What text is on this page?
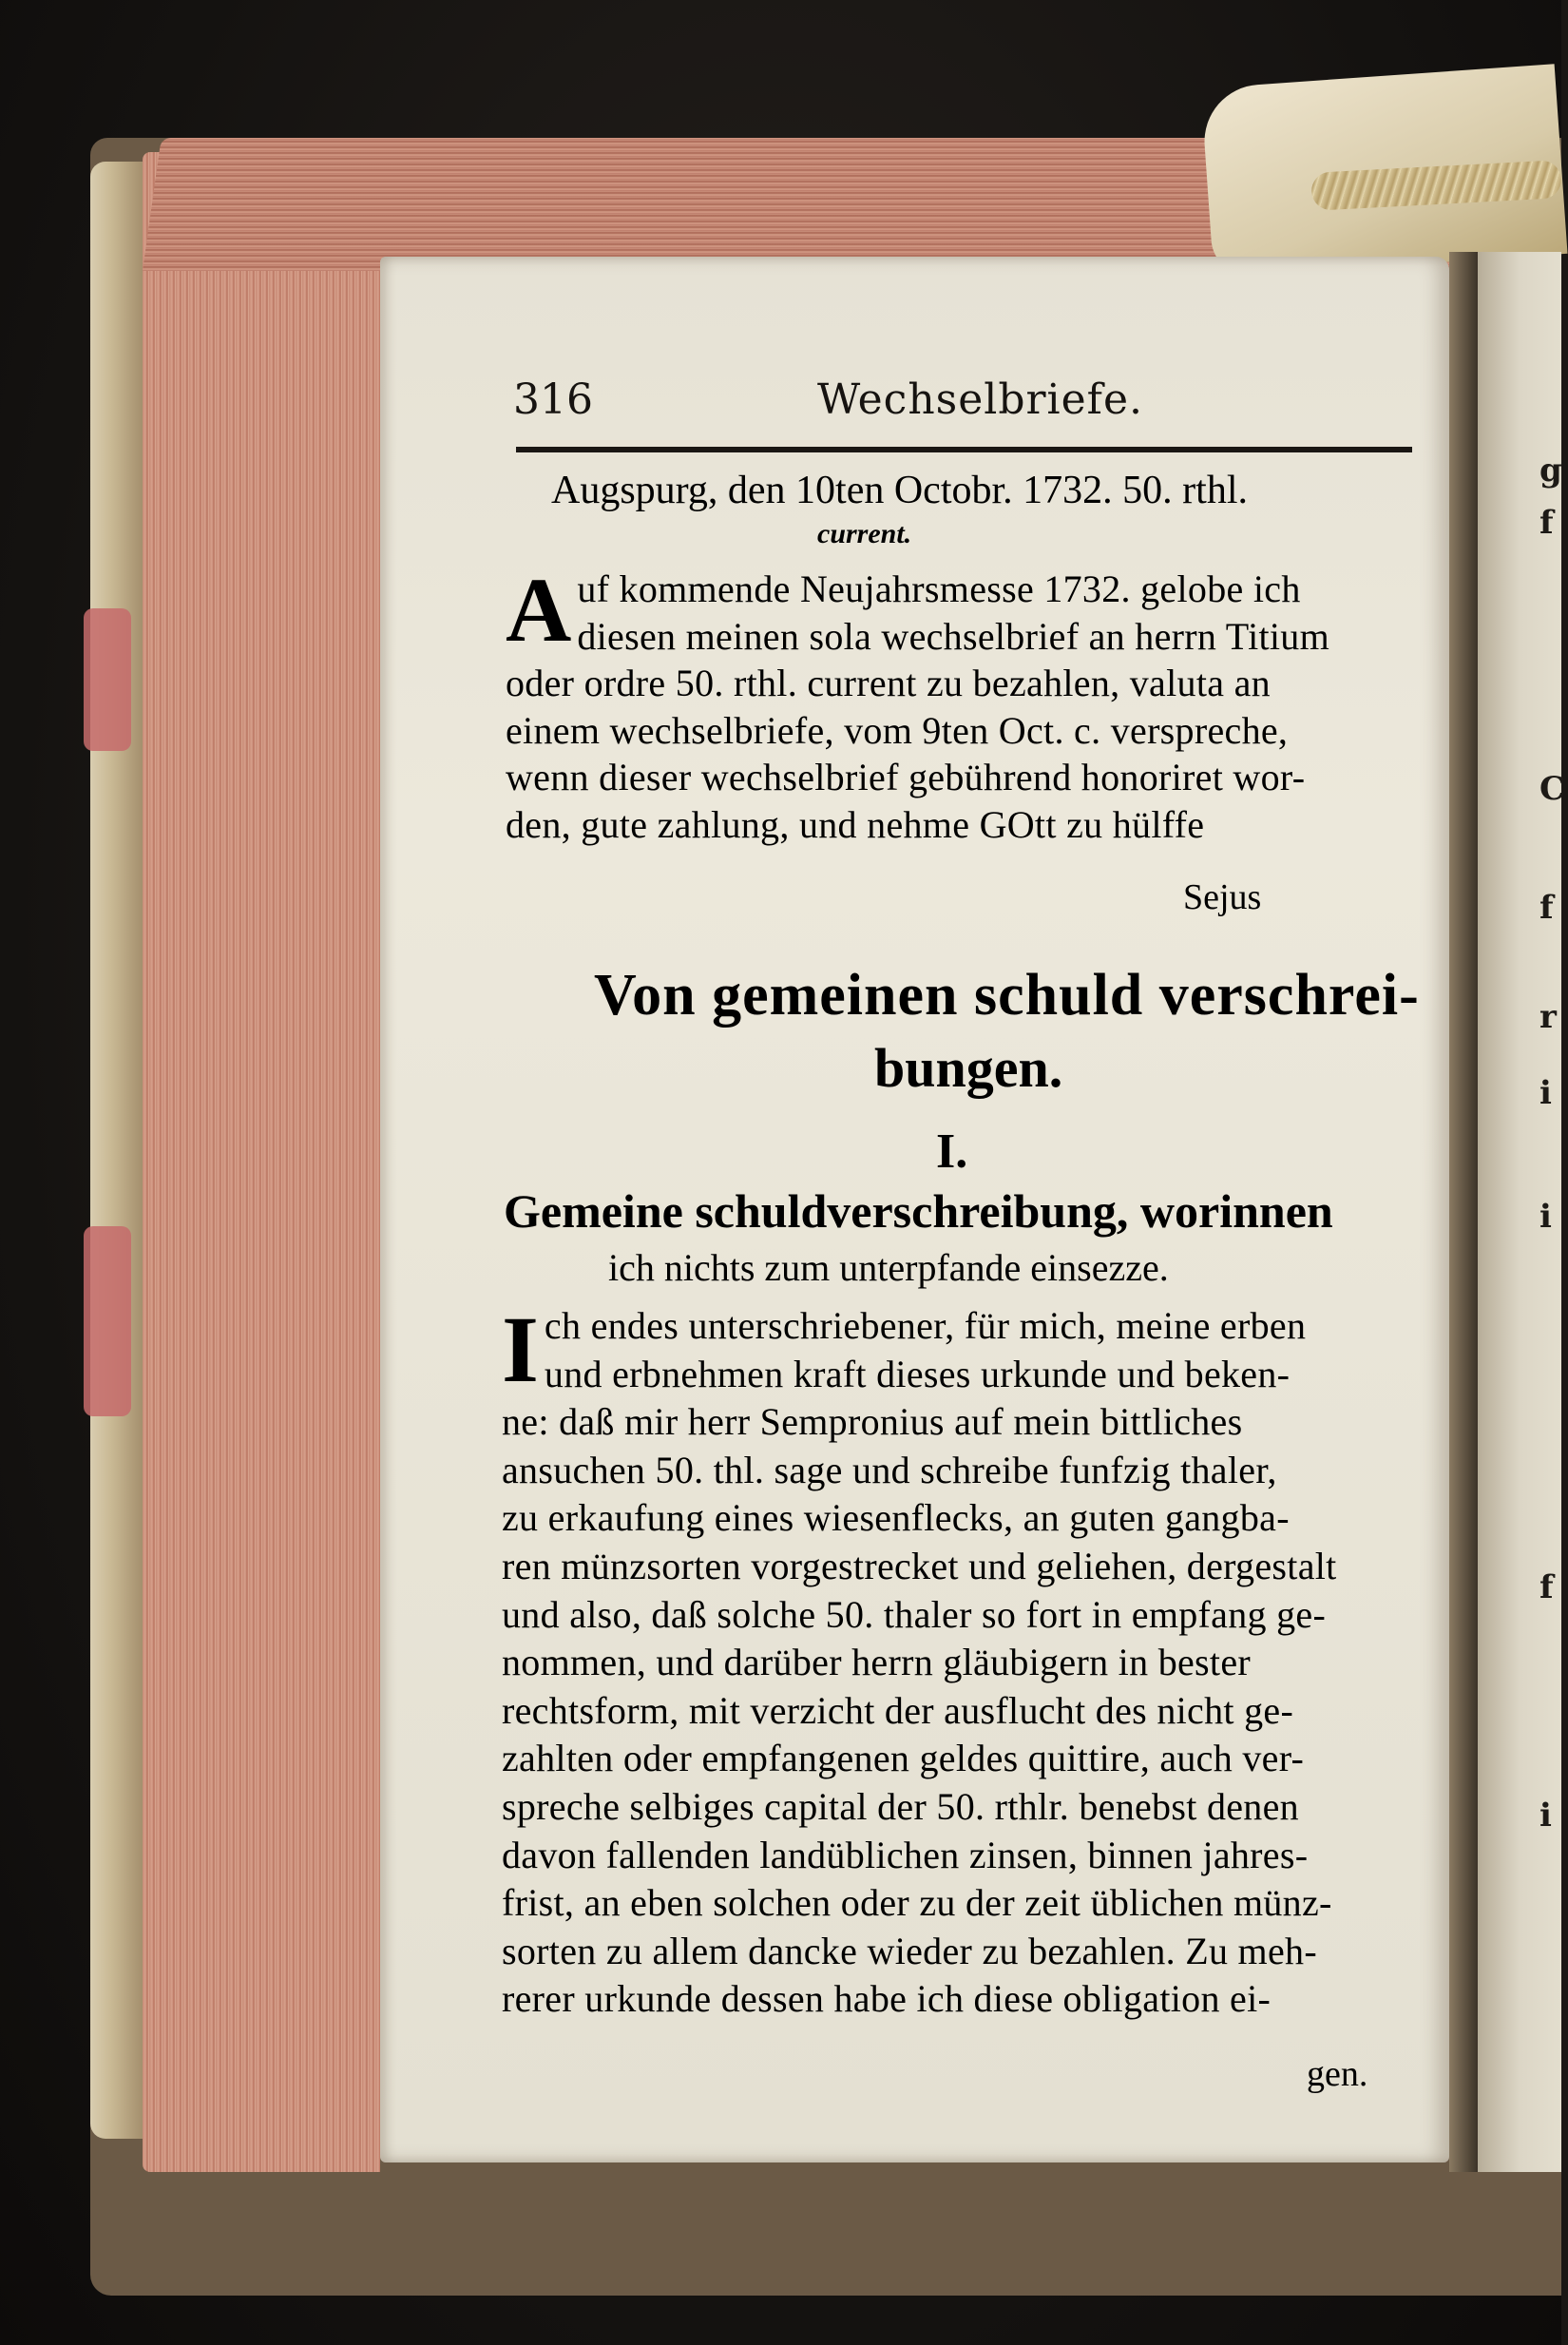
g
f
C
f
r
i
i
f
i
316	Wechselbriefe.
Augspurg, den 10ten Octobr. 1732. 50. rthl.
current.
A uf kommende Neujahrsmesse 1732. gelobe ich
diesen meinen sola wechselbrief an herrn Titium
oder ordre 50. rthl. current zu bezahlen, valuta an
einem wechselbriefe, vom 9ten Oct. c. verspreche,
wenn dieser wechselbrief gebührend honoriret wor-
den, gute zahlung, und nehme GOtt zu hülffe
Sejus
Von gemeinen schuld verschrei-
bungen.
I.
Gemeine schuldverschreibung, worinnen
ich nichts zum unterpfande einsezze.
I ch endes unterschriebener, für mich, meine erben
und erbnehmen kraft dieses urkunde und beken-
ne: daß mir herr Sempronius auf mein bittliches
ansuchen 50. thl. sage und schreibe funfzig thaler,
zu erkaufung eines wiesenflecks, an guten gangba-
ren münzsorten vorgestrecket und geliehen, dergestalt
und also, daß solche 50. thaler so fort in empfang ge-
nommen, und darüber herrn gläubigern in bester
rechtsform, mit verzicht der ausflucht des nicht ge-
zahlten oder empfangenen geldes quittire, auch ver-
spreche selbiges capital der 50. rthlr. benebst denen
davon fallenden landüblichen zinsen, binnen jahres-
frist, an eben solchen oder zu der zeit üblichen münz-
sorten zu allem dancke wieder zu bezahlen. Zu meh-
rerer urkunde dessen habe ich diese obligation ei-
gen.
